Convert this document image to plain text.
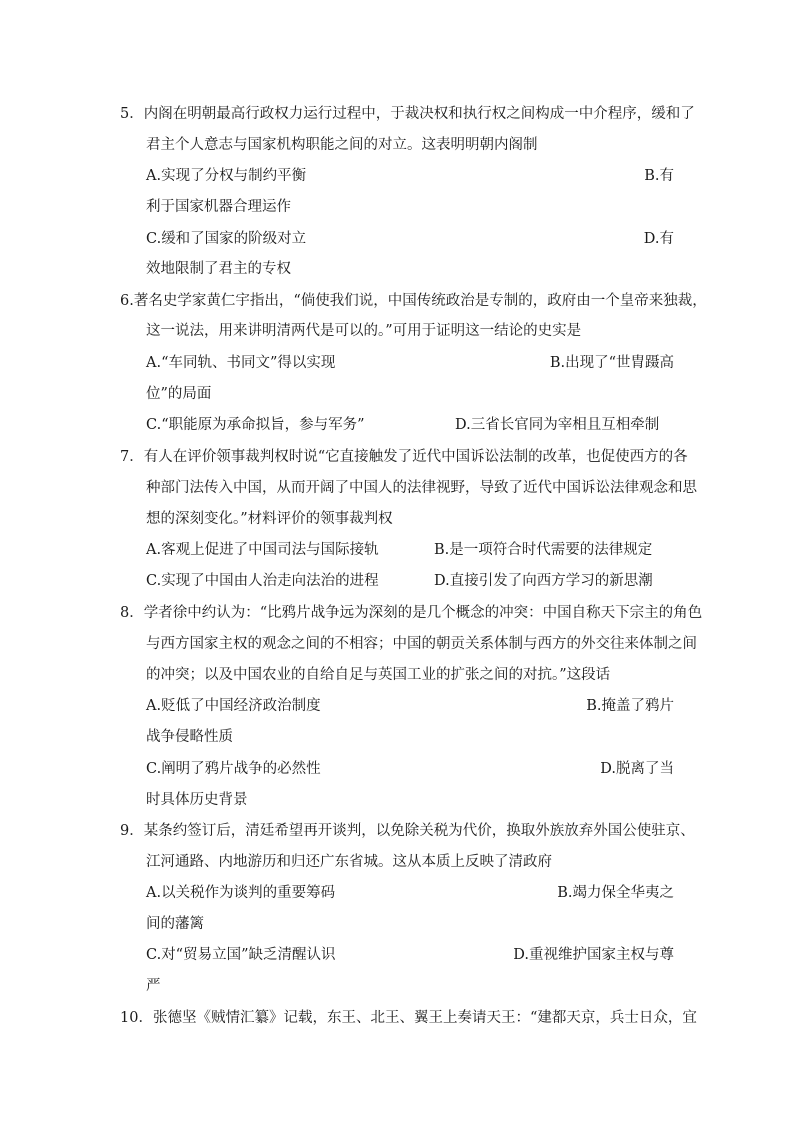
5．内阁在明朝最高行政权力运行过程中，于裁决权和执行权之间构成一中介程序，缓和了
君主个人意志与国家机构职能之间的对立。这表明明朝内阁制
A.实现了分权与制约平衡	B.有
利于国家机器合理运作
C.缓和了国家的阶级对立	D.有
效地限制了君主的专权
6.著名史学家黄仁宇指出，“倘使我们说，中国传统政治是专制的，政府由一个皇帝来独裁，
这一说法，用来讲明清两代是可以的。”可用于证明这一结论的史实是
A.“车同轨、书同文”得以实现	B.出现了“世胄蹑高
位”的局面
C.“职能原为承命拟旨，参与军务”	D.三省长官同为宰相且互相牵制
7．有人在评价领事裁判权时说“它直接触发了近代中国诉讼法制的改革，也促使西方的各
种部门法传入中国，从而开阔了中国人的法律视野，导致了近代中国诉讼法律观念和思
想的深刻变化。”材料评价的领事裁判权
A.客观上促进了中国司法与国际接轨	B.是一项符合时代需要的法律规定
C.实现了中国由人治走向法治的进程	D.直接引发了向西方学习的新思潮
8．学者徐中约认为：“比鸦片战争远为深刻的是几个概念的冲突：中国自称天下宗主的角色
与西方国家主权的观念之间的不相容；中国的朝贡关系体制与西方的外交往来体制之间
的冲突；以及中国农业的自给自足与英国工业的扩张之间的对抗。”这段话
A.贬低了中国经济政治制度	B.掩盖了鸦片
战争侵略性质
C.阐明了鸦片战争的必然性	D.脱离了当
时具体历史背景
9．某条约签订后，清廷希望再开谈判，以免除关税为代价，换取外族放弃外国公使驻京、
江河通路、内地游历和归还广东省城。这从本质上反映了清政府
A.以关税作为谈判的重要筹码	B.竭力保全华夷之
间的藩篱
C.对“贸易立国”缺乏清醒认识	D.重视维护国家主权与尊
严
10．张德坚《贼情汇纂》记载，东王、北王、翼王上奏请天王：“建都天京，兵士日众，宜
